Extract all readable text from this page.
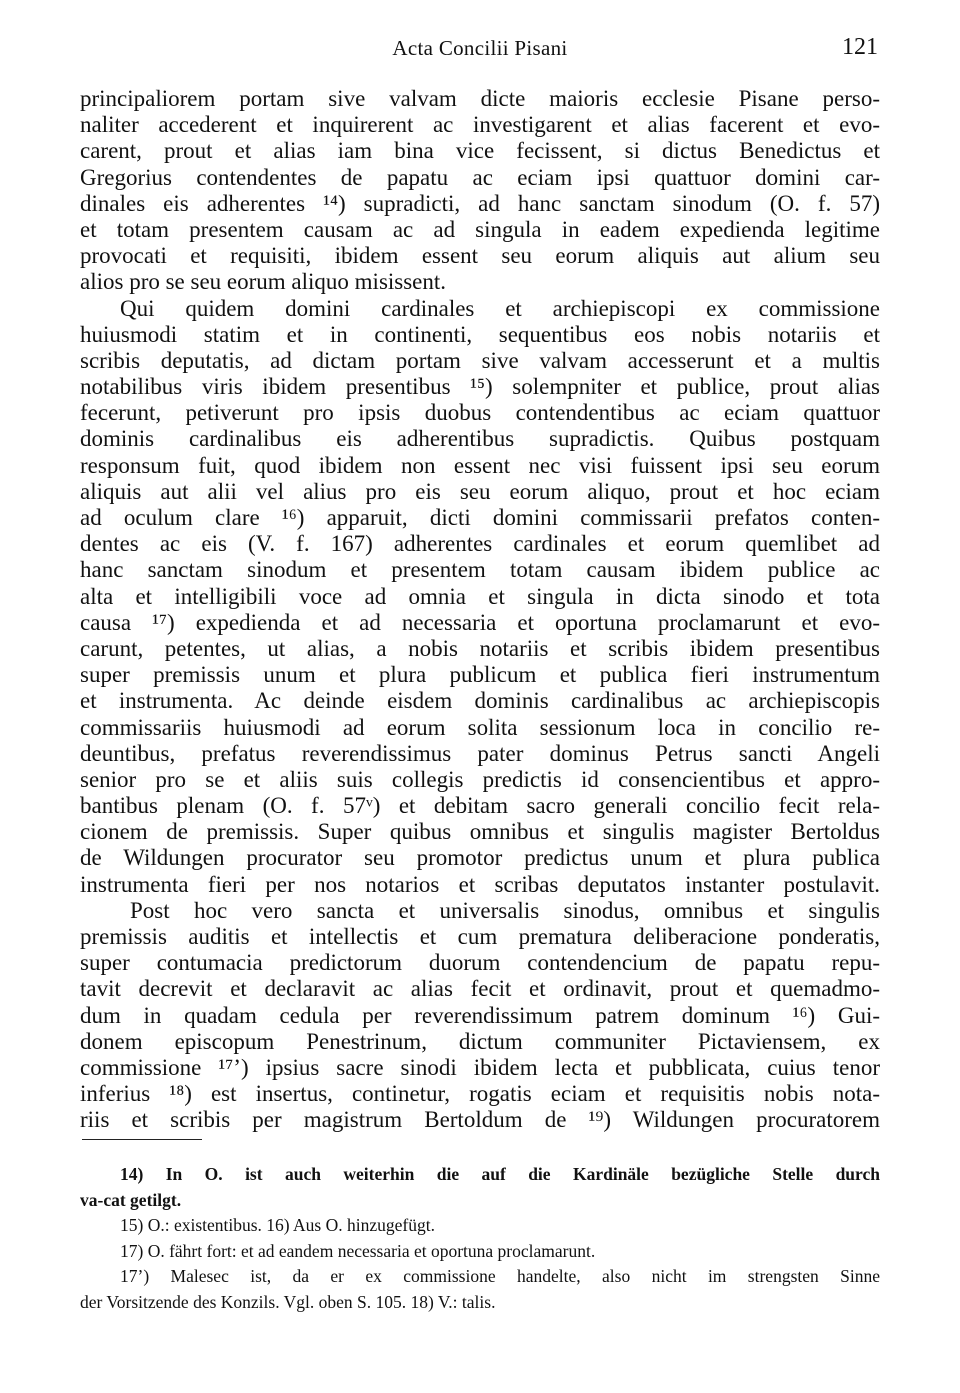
Acta Concilii Pisani	121
principaliorem portam sive valvam dicte maioris ecclesie Pisane perso-
naliter accederent et inquirerent ac investigarent et alias facerent et evo-
carent, prout et alias iam bina vice fecissent, si dictus Benedictus et
Gregorius contendentes de papatu ac eciam ipsi quattuor domini car-
dinales eis adherentes ¹⁴) supradicti, ad hanc sanctam sinodum (O. f. 57)
et totam presentem causam ac ad singula in eadem expedienda legitime
provocati et requisiti, ibidem essent seu eorum aliquis aut alium seu
alios pro se seu eorum aliquo misissent.
Qui quidem domini cardinales et archiepiscopi ex commissione
huiusmodi statim et in continenti, sequentibus eos nobis notariis et
scribis deputatis, ad dictam portam sive valvam accesserunt et a multis
notabilibus viris ibidem presentibus ¹⁵) solempniter et publice, prout alias
fecerunt, petiverunt pro ipsis duobus contendentibus ac eciam quattuor
dominis cardinalibus eis adherentibus supradictis. Quibus postquam
responsum fuit, quod ibidem non essent nec visi fuissent ipsi seu eorum
aliquis aut alii vel alius pro eis seu eorum aliquo, prout et hoc eciam
ad oculum clare ¹⁶) apparuit, dicti domini commissarii prefatos conten-
dentes ac eis (V. f. 167) adherentes cardinales et eorum quemlibet ad
hanc sanctam sinodum et presentem totam causam ibidem publice ac
alta et intelligibili voce ad omnia et singula in dicta sinodo et tota
causa ¹⁷) expedienda et ad necessaria et oportuna proclamarunt et evo-
carunt, petentes, ut alias, a nobis notariis et scribis ibidem presentibus
super premissis unum et plura publicum et publica fieri instrumentum
et instrumenta. Ac deinde eisdem dominis cardinalibus ac archiepiscopis
commissariis huiusmodi ad eorum solita sessionum loca in concilio re-
deuntibus, prefatus reverendissimus pater dominus Petrus sancti Angeli
senior pro se et aliis suis collegis predictis id consencientibus et appro-
bantibus plenam (O. f. 57ᵛ) et debitam sacro generali concilio fecit rela-
cionem de premissis. Super quibus omnibus et singulis magister Bertoldus
de Wildungen procurator seu promotor predictus unum et plura publica
instrumenta fieri per nos notarios et scribas deputatos instanter postulavit.
Post hoc vero sancta et universalis sinodus, omnibus et singulis
premissis auditis et intellectis et cum prematura deliberacione ponderatis,
super contumacia predictorum duorum contendencium de papatu repu-
tavit decrevit et declaravit ac alias fecit et ordinavit, prout et quemadmo-
dum in quadam cedula per reverendissimum patrem dominum ¹⁶) Gui-
donem episcopum Penestrinum, dictum communiter Pictaviensem, ex
commissione ¹⁷’) ipsius sacre sinodi ibidem lecta et pubblicata, cuius tenor
inferius ¹⁸) est insertus, continetur, rogatis eciam et requisitis nobis nota-
riis et scribis per magistrum Bertoldum de ¹⁹) Wildungen procuratorem
14) In O. ist auch weiterhin die auf die Kardinäle bezügliche Stelle durch
va-cat getilgt.
15) O.: existentibus. 16) Aus O. hinzugefügt.
17) O. fährt fort: et ad eandem necessaria et oportuna proclamarunt.
17’) Malesec ist, da er ex commissione handelte, also nicht im strengsten Sinne
der Vorsitzende des Konzils. Vgl. oben S. 105. 18) V.: talis.
